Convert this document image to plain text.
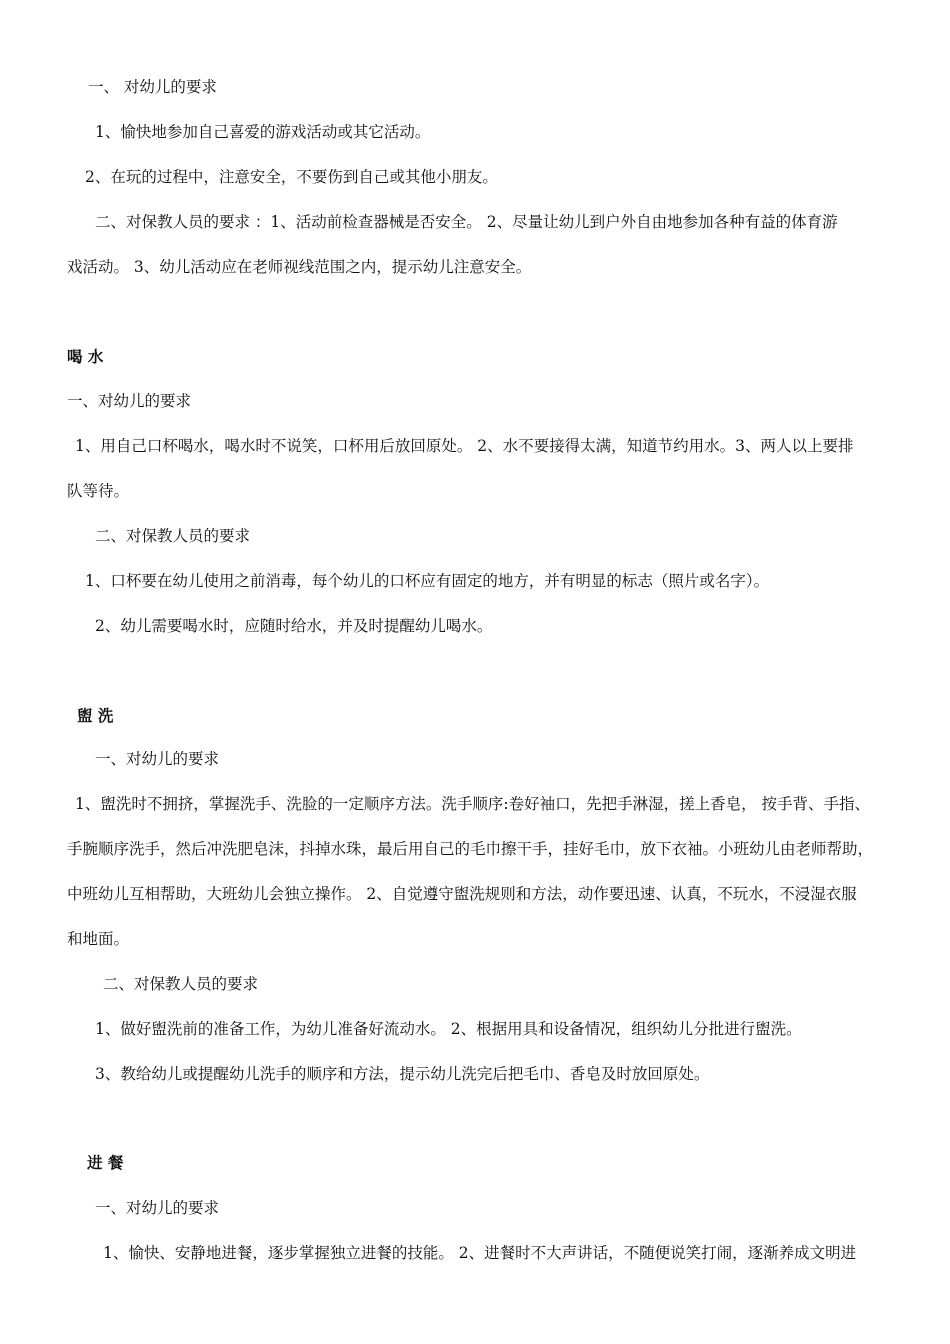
一、 对幼儿的要求
1、愉快地参加自己喜爱的游戏活动或其它活动。
2、在玩的过程中，注意安全，不要伤到自己或其他小朋友。
二、对保教人员的要求 ：1、活动前检查器械是否安全。 2、尽量让幼儿到户外自由地参加各种有益的体育游
戏活动。 3、幼儿活动应在老师视线范围之内，提示幼儿注意安全。
喝 水
一、对幼儿的要求
1、用自己口杯喝水，喝水时不说笑，口杯用后放回原处。 2、水不要接得太满，知道节约用水。3、两人以上要排
队等待。
二、对保教人员的要求
1、口杯要在幼儿使用之前消毒，每个幼儿的口杯应有固定的地方，并有明显的标志（照片或名字）。
2、幼儿需要喝水时，应随时给水，并及时提醒幼儿喝水。
盥 洗
一、对幼儿的要求
1、盥洗时不拥挤，掌握洗手、洗脸的一定顺序方法。洗手顺序:卷好袖口，先把手淋湿，搓上香皂， 按手背、手指、
手腕顺序洗手，然后冲洗肥皂沫，抖掉水珠，最后用自己的毛巾擦干手，挂好毛巾，放下衣袖。小班幼儿由老师帮助，
中班幼儿互相帮助，大班幼儿会独立操作。 2、自觉遵守盥洗规则和方法，动作要迅速、认真，不玩水，不浸湿衣服
和地面。
二、对保教人员的要求
1、做好盥洗前的准备工作，为幼儿准备好流动水。 2、根据用具和设备情况，组织幼儿分批进行盥洗。
3、教给幼儿或提醒幼儿洗手的顺序和方法，提示幼儿洗完后把毛巾、香皂及时放回原处。
进 餐
一、对幼儿的要求
1、愉快、安静地进餐，逐步掌握独立进餐的技能。 2、进餐时不大声讲话，不随便说笑打闹，逐渐养成文明进
